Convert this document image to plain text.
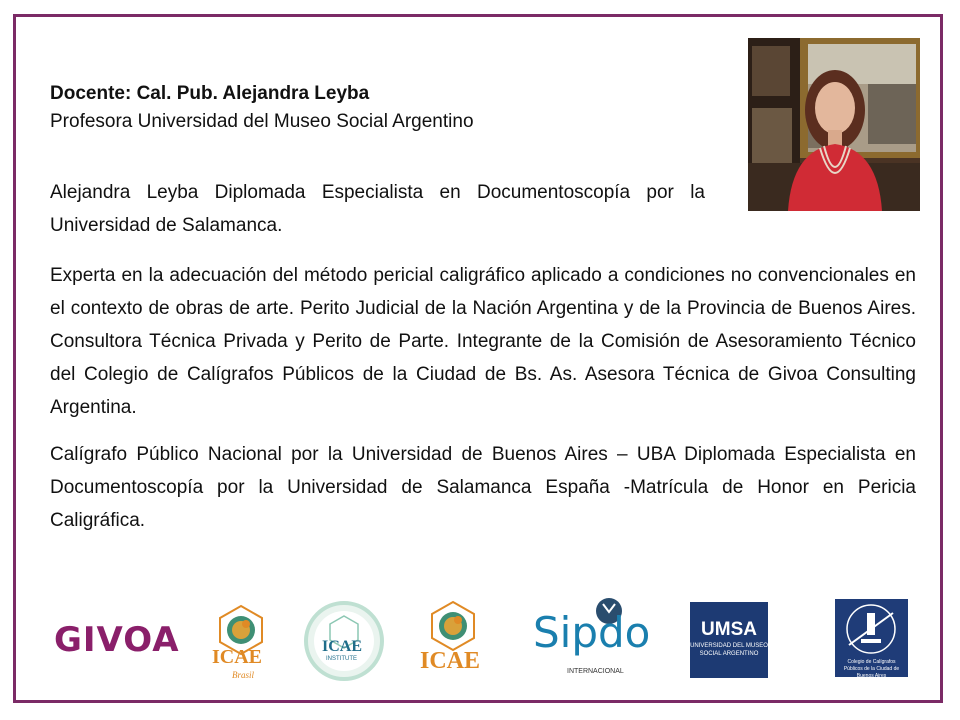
Docente: Cal. Pub. Alejandra Leyba
Profesora Universidad del Museo Social Argentino
Alejandra Leyba Diplomada Especialista en Documentoscopía por la Universidad de Salamanca.
Experta en la adecuación del método pericial caligráfico aplicado a condiciones no convencionales en el contexto de obras de arte. Perito Judicial de la Nación Argentina y de la Provincia de Buenos Aires. Consultora Técnica Privada y Perito de Parte. Integrante de la Comisión de Asesoramiento Técnico del Colegio de Calígrafos Públicos de la Ciudad de Bs. As. Asesora Técnica de Givoa Consulting Argentina.
Calígrafo Público Nacional por la Universidad de Buenos Aires – UBA Diplomada Especialista en Documentoscopía por la Universidad de Salamanca España -Matrícula de Honor en Pericia Caligráfica.
GIVOA ICAE
Brasil
ICAE
INSTITUTE	ICAE
Sipdo
INTERNACIONAL
UMSA
UNIVERSIDAD DEL MUSEO SOCIAL ARGENTINO
Colegio de Calígrafos Públicos de la Ciudad de Buenos Aires
